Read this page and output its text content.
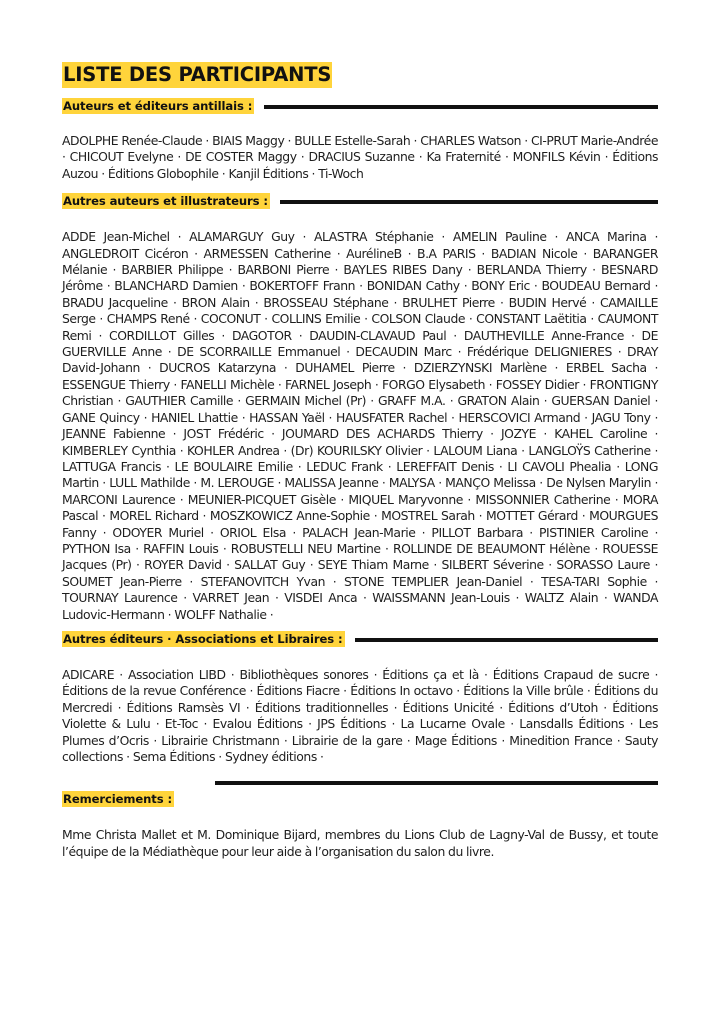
LISTE DES PARTICIPANTS
Auteurs et éditeurs antillais :

ADOLPHE Renée-Claude · BIAIS Maggy · BULLE Estelle-Sarah · CHARLES Watson · CI-PRUT Marie-Andrée · CHICOUT Evelyne · DE COSTER Maggy · DRACIUS Suzanne · Ka Fraternité · MONFILS Kévin · Éditions Auzou · Éditions Globophile · Kanjil Éditions · Ti-Woch

Autres auteurs et illustrateurs :

ADDE Jean-Michel · ALAMARGUY Guy · ALASTRA Stéphanie · AMELIN Pauline · ANCA Marina · ANGLEDROIT Cicéron · ARMESSEN Catherine · AurélineB · B.A PARIS · BADIAN Nicole · BARANGER Mélanie · BARBIER Philippe · BARBONI Pierre · BAYLES RIBES Dany · BERLANDA Thierry · BESNARD Jérôme · BLANCHARD Damien · BOKERTOFF Frann · BONIDAN Cathy · BONY Eric · BOUDEAU Bernard · BRADU Jacqueline · BRON Alain · BROSSEAU Stéphane · BRULHET Pierre · BUDIN Hervé · CAMAILLE Serge · CHAMPS René · COCONUT · COLLINS Emilie · COLSON Claude · CONSTANT Laëtitia · CAUMONT Remi · CORDILLOT Gilles · DAGOTOR · DAUDIN-CLAVAUD Paul · DAUTHEVILLE Anne-France · DE GUERVILLE Anne · DE SCORRAILLE Emmanuel · DECAUDIN Marc · Frédérique DELIGNIERES · DRAY David-Johann · DUCROS Katarzyna · DUHAMEL Pierre · DZIERZYNSKI Marlène · ERBEL Sacha · ESSENGUE Thierry · FANELLI Michèle · FARNEL Joseph · FORGO Elysabeth · FOSSEY Didier · FRONTIGNY Christian · GAUTHIER Camille · GERMAIN Michel (Pr) · GRAFF M.A. · GRATON Alain · GUERSAN Daniel · GANE Quincy · HANIEL Lhattie · HASSAN Yaël · HAUSFATER Rachel · HERSCOVICI Armand · JAGU Tony · JEANNE Fabienne · JOST Frédéric · JOUMARD DES ACHARDS Thierry · JOZYE · KAHEL Caroline · KIMBERLEY Cynthia · KOHLER Andrea · (Dr) KOURILSKY Olivier · LALOUM Liana · LANGLOŸS Catherine · LATTUGA Francis · LE BOULAIRE Emilie · LEDUC Frank · LEREFFAIT Denis · LI CAVOLI Phealia · LONG Martin · LULL Mathilde · M. LEROUGE · MALISSA Jeanne · MALYSA · MANÇO Melissa · De Nylsen Marylin · MARCONI Laurence · MEUNIER-PICQUET Gisèle · MIQUEL Maryvonne · MISSONNIER Catherine · MORA Pascal · MOREL Richard · MOSZKOWICZ Anne-Sophie · MOSTREL Sarah · MOTTET Gérard · MOURGUES Fanny · ODOYER Muriel · ORIOL Elsa · PALACH Jean-Marie · PILLOT Barbara · PISTINIER Caroline · PYTHON Isa · RAFFIN Louis · ROBUSTELLI NEU Martine · ROLLINDE DE BEAUMONT Hélène · ROUESSE Jacques (Pr) · ROYER David · SALLAT Guy · SEYE Thiam Marne · SILBERT Séverine · SORASSO Laure · SOUMET Jean-Pierre · STEFANOVITCH Yvan · STONE TEMPLIER Jean-Daniel · TESA-TARI Sophie · TOURNAY Laurence · VARRET Jean · VISDEI Anca · WAISSMANN Jean-Louis · WALTZ Alain · WANDA Ludovic-Hermann · WOLFF Nathalie ·

Autres éditeurs · Associations et Libraires :

ADICARE · Association LIBD · Bibliothèques sonores · Éditions ça et là · Éditions Crapaud de sucre · Éditions de la revue Conférence · Éditions Fiacre · Éditions In octavo · Éditions la Ville brûle · Éditions du Mercredi · Éditions Ramsès VI · Éditions traditionnelles · Éditions Unicité · Éditions d’Utoh · Éditions Violette & Lulu · Et-Toc · Evalou Éditions · JPS Éditions · La Lucarne Ovale · Lansdalls Éditions · Les Plumes d’Ocris · Librairie Christmann · Librairie de la gare · Mage Éditions · Minedition France · Sauty collections · Sema Éditions · Sydney éditions ·

Remerciements :

Mme Christa Mallet et M. Dominique Bijard, membres du Lions Club de Lagny-Val de Bussy, et toute l’équipe de la Médiathèque pour leur aide à l’organisation du salon du livre.
